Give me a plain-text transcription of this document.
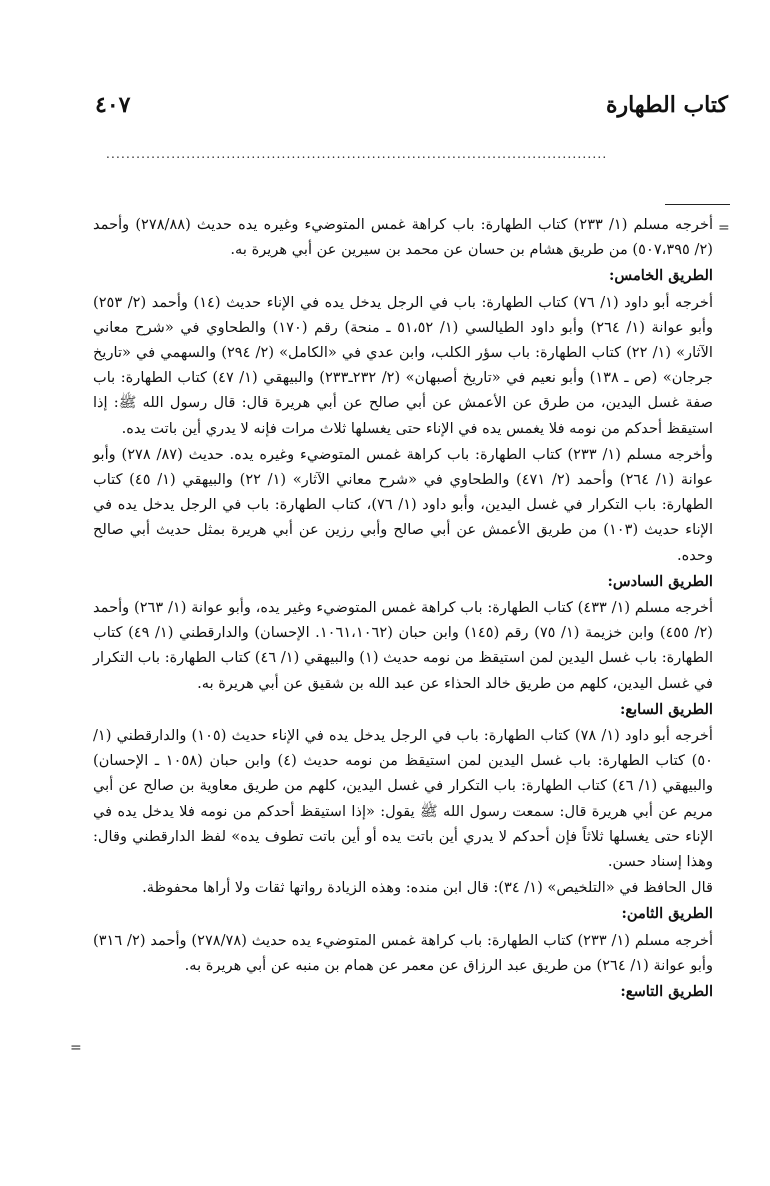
كتاب الطهارة
٤٠٧
....................................................................................................
=
=

أخرجه مسلم (١/ ٢٣٣) كتاب الطهارة: باب كراهة غمس المتوضيء وغيره يده حديث (٢٧٨/٨٨) وأحمد (٢/ ٥٠٧،٣٩٥) من طريق هشام بن حسان عن محمد بن سيرين عن أبي هريرة به.

الطريق الخامس:

أخرجه أبو داود (١/ ٧٦) كتاب الطهارة: باب في الرجل يدخل يده في الإناء حديث (١٤) وأحمد (٢/ ٢٥٣) وأبو عوانة (١/ ٢٦٤) وأبو داود الطيالسي (١/ ٥١،٥٢ ـ منحة) رقم (١٧٠) والطحاوي في «شرح معاني الآثار» (١/ ٢٢) كتاب الطهارة: باب سؤر الكلب، وابن عدي في «الكامل» (٢/ ٢٩٤) والسهمي في «تاريخ جرجان» (ص ـ ١٣٨) وأبو نعيم في «تاريخ أصبهان» (٢/ ٢٣٢ـ٢٣٣) والبيهقي (١/ ٤٧) كتاب الطهارة: باب صفة غسل اليدين، من طرق عن الأعمش عن أبي صالح عن أبي هريرة قال: قال رسول الله ﷺ: إذا استيقظ أحدكم من نومه فلا يغمس يده في الإناء حتى يغسلها ثلاث مرات فإنه لا يدري أين باتت يده.

وأخرجه مسلم (١/ ٢٣٣) كتاب الطهارة: باب كراهة غمس المتوضيء وغيره يده. حديث (٨٧/ ٢٧٨) وأبو عوانة (١/ ٢٦٤) وأحمد (٢/ ٤٧١) والطحاوي في «شرح معاني الآثار» (١/ ٢٢) والبيهقي (١/ ٤٥) كتاب الطهارة: باب التكرار في غسل اليدين، وأبو داود (١/ ٧٦)، كتاب الطهارة: باب في الرجل يدخل يده في الإناء حديث (١٠٣) من طريق الأعمش عن أبي صالح وأبي رزين عن أبي هريرة بمثل حديث أبي صالح وحده.

الطريق السادس:

أخرجه مسلم (١/ ٤٣٣) كتاب الطهارة: باب كراهة غمس المتوضيء وغير يده، وأبو عوانة (١/ ٢٦٣) وأحمد (٢/ ٤٥٥) وابن خزيمة (١/ ٧٥) رقم (١٤٥) وابن حبان (١٠٦١،١٠٦٢. الإحسان) والدارقطني (١/ ٤٩) كتاب الطهارة: باب غسل اليدين لمن استيقظ من نومه حديث (١) والبيهقي (١/ ٤٦) كتاب الطهارة: باب التكرار في غسل اليدين، كلهم من طريق خالد الحذاء عن عبد الله بن شقيق عن أبي هريرة به.

الطريق السابع:

أخرجه أبو داود (١/ ٧٨) كتاب الطهارة: باب في الرجل يدخل يده في الإناء حديث (١٠٥) والدارقطني (١/ ٥٠) كتاب الطهارة: باب غسل اليدين لمن استيقظ من نومه حديث (٤) وابن حبان (١٠٥٨ ـ الإحسان) والبيهقي (١/ ٤٦) كتاب الطهارة: باب التكرار في غسل اليدين، كلهم من طريق معاوية بن صالح عن أبي مريم عن أبي هريرة قال: سمعت رسول الله ﷺ يقول: «إذا استيقظ أحدكم من نومه فلا يدخل يده في الإناء حتى يغسلها ثلاثاً فإن أحدكم لا يدري أين باتت يده أو أين باتت تطوف يده» لفظ الدارقطني وقال: وهذا إسناد حسن.

قال الحافظ في «التلخيص» (١/ ٣٤): قال ابن منده: وهذه الزيادة رواتها ثقات ولا أراها محفوظة.

الطريق الثامن:

أخرجه مسلم (١/ ٢٣٣) كتاب الطهارة: باب كراهة غمس المتوضيء يده حديث (٢٧٨/٧٨) وأحمد (٢/ ٣١٦) وأبو عوانة (١/ ٢٦٤) من طريق عبد الرزاق عن معمر عن همام بن منبه عن أبي هريرة به.

الطريق التاسع:
